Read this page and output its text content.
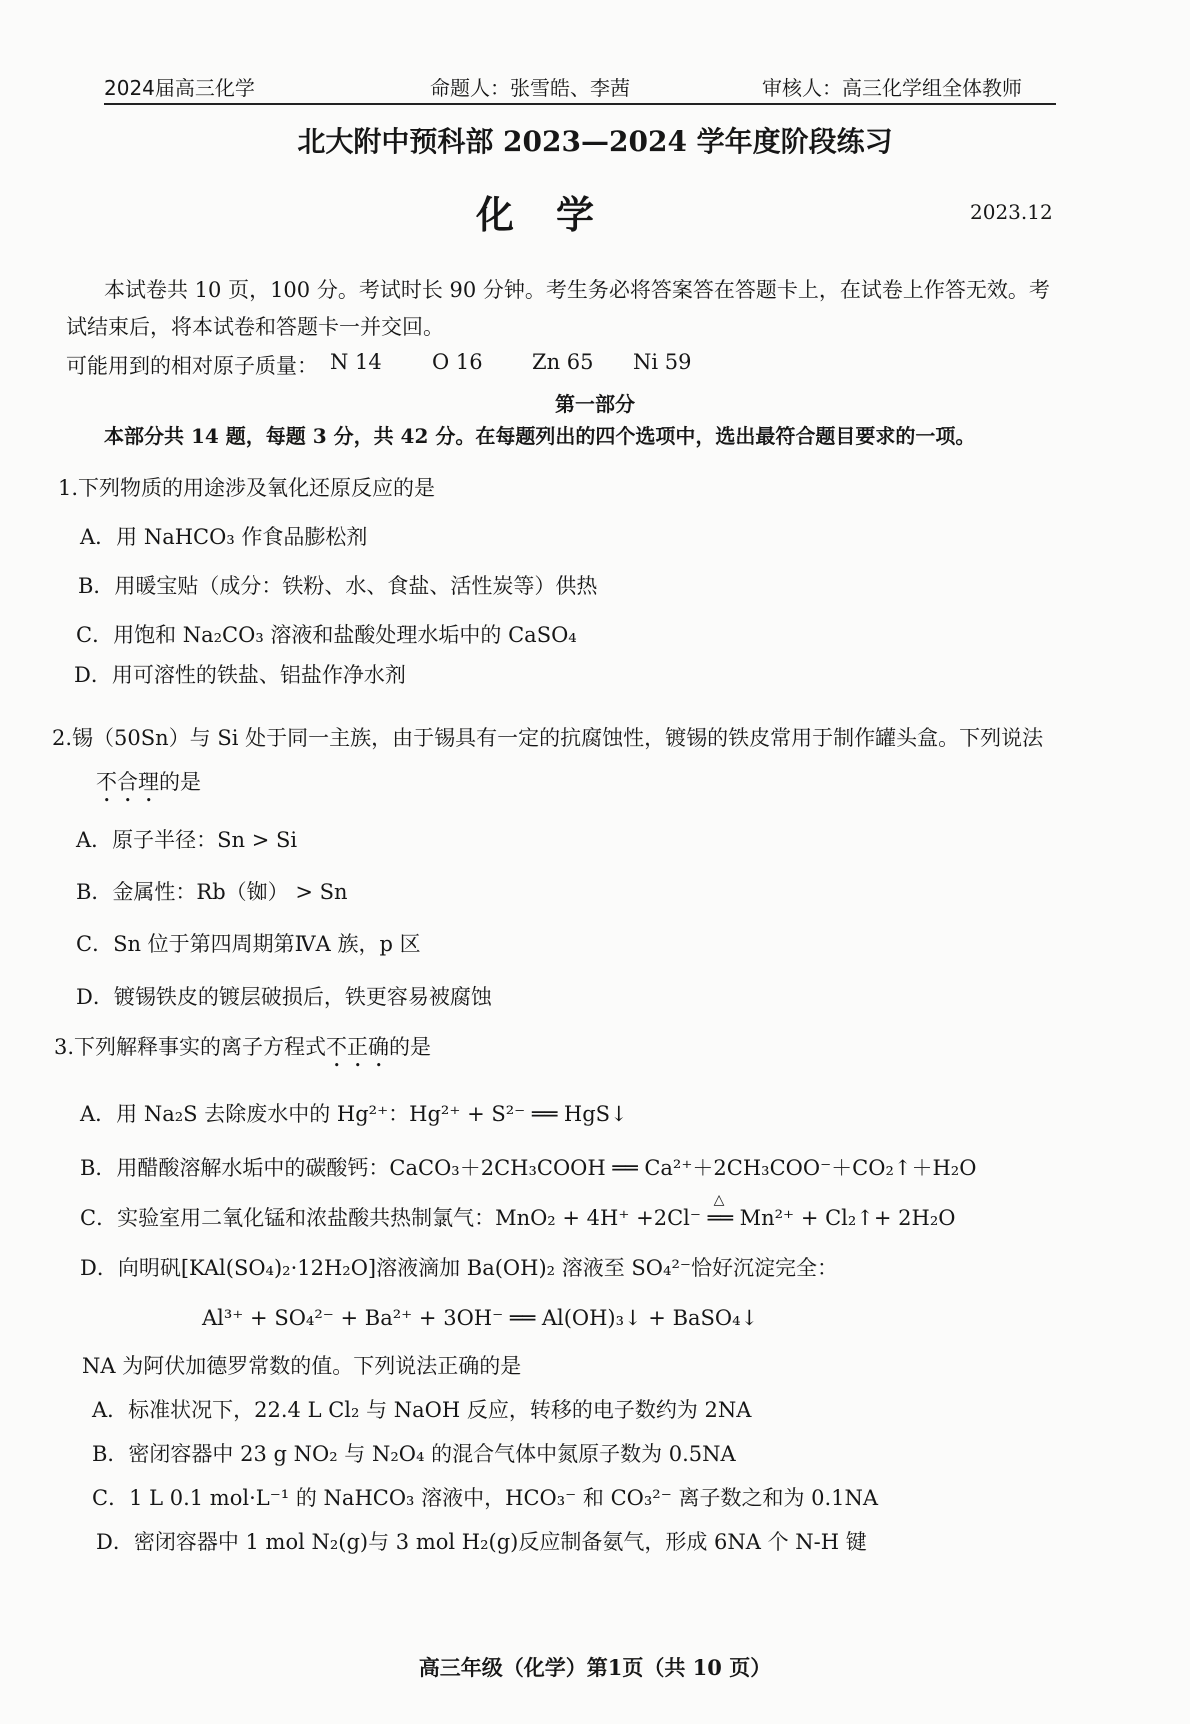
2024届高三化学	命题人：张雪皓、李茜	审核人：高三化学组全体教师
北大附中预科部 2023—2024 学年度阶段练习
化学	2023.12
本试卷共 10 页，100 分。考试时长 90 分钟。考生务必将答案答在答题卡上，在试卷上作答无效。考
试结束后，将本试卷和答题卡一并交回。
可能用到的相对原子质量： N 14 O 16 Zn 65 Ni 59
第一部分
本部分共 14 题，每题 3 分，共 42 分。在每题列出的四个选项中，选出最符合题目要求的一项。
1.下列物质的用途涉及氧化还原反应的是
A．用 NaHCO₃ 作食品膨松剂
B．用暖宝贴（成分：铁粉、水、食盐、活性炭等）供热
C．用饱和 Na₂CO₃ 溶液和盐酸处理水垢中的 CaSO₄
D．用可溶性的铁盐、铝盐作净水剂
2.锡（50Sn）与 Si 处于同一主族，由于锡具有一定的抗腐蚀性，镀锡的铁皮常用于制作罐头盒。下列说法
不合理的是
A．原子半径：Sn > Si
B．金属性：Rb（铷） > Sn
C．Sn 位于第四周期第ⅣA 族，p 区
D．镀锡铁皮的镀层破损后，铁更容易被腐蚀
3.下列解释事实的离子方程式不正确的是
A．用 Na₂S 去除废水中的 Hg²⁺：Hg²⁺ + S²⁻ ══ HgS↓
B．用醋酸溶解水垢中的碳酸钙：CaCO₃＋2CH₃COOH ══ Ca²⁺＋2CH₃COO⁻＋CO₂↑＋H₂O
C．实验室用二氧化锰和浓盐酸共热制氯气：MnO₂ + 4H⁺ +2Cl⁻
△
══ Mn²⁺ + Cl₂↑+ 2H₂O
D．向明矾[KAl(SO₄)₂·12H₂O]溶液滴加 Ba(OH)₂ 溶液至 SO₄²⁻恰好沉淀完全：
Al³⁺ + SO₄²⁻ + Ba²⁺ + 3OH⁻ ══ Al(OH)₃↓ + BaSO₄↓
NA 为阿伏加德罗常数的值。下列说法正确的是
A．标准状况下，22.4 L Cl₂ 与 NaOH 反应，转移的电子数约为 2NA
B．密闭容器中 23 g NO₂ 与 N₂O₄ 的混合气体中氮原子数为 0.5NA
C．1 L 0.1 mol·L⁻¹ 的 NaHCO₃ 溶液中，HCO₃⁻ 和 CO₃²⁻ 离子数之和为 0.1NA
D．密闭容器中 1 mol N₂(g)与 3 mol H₂(g)反应制备氨气，形成 6NA 个 N-H 键
高三年级（化学）第1页（共 10 页）
